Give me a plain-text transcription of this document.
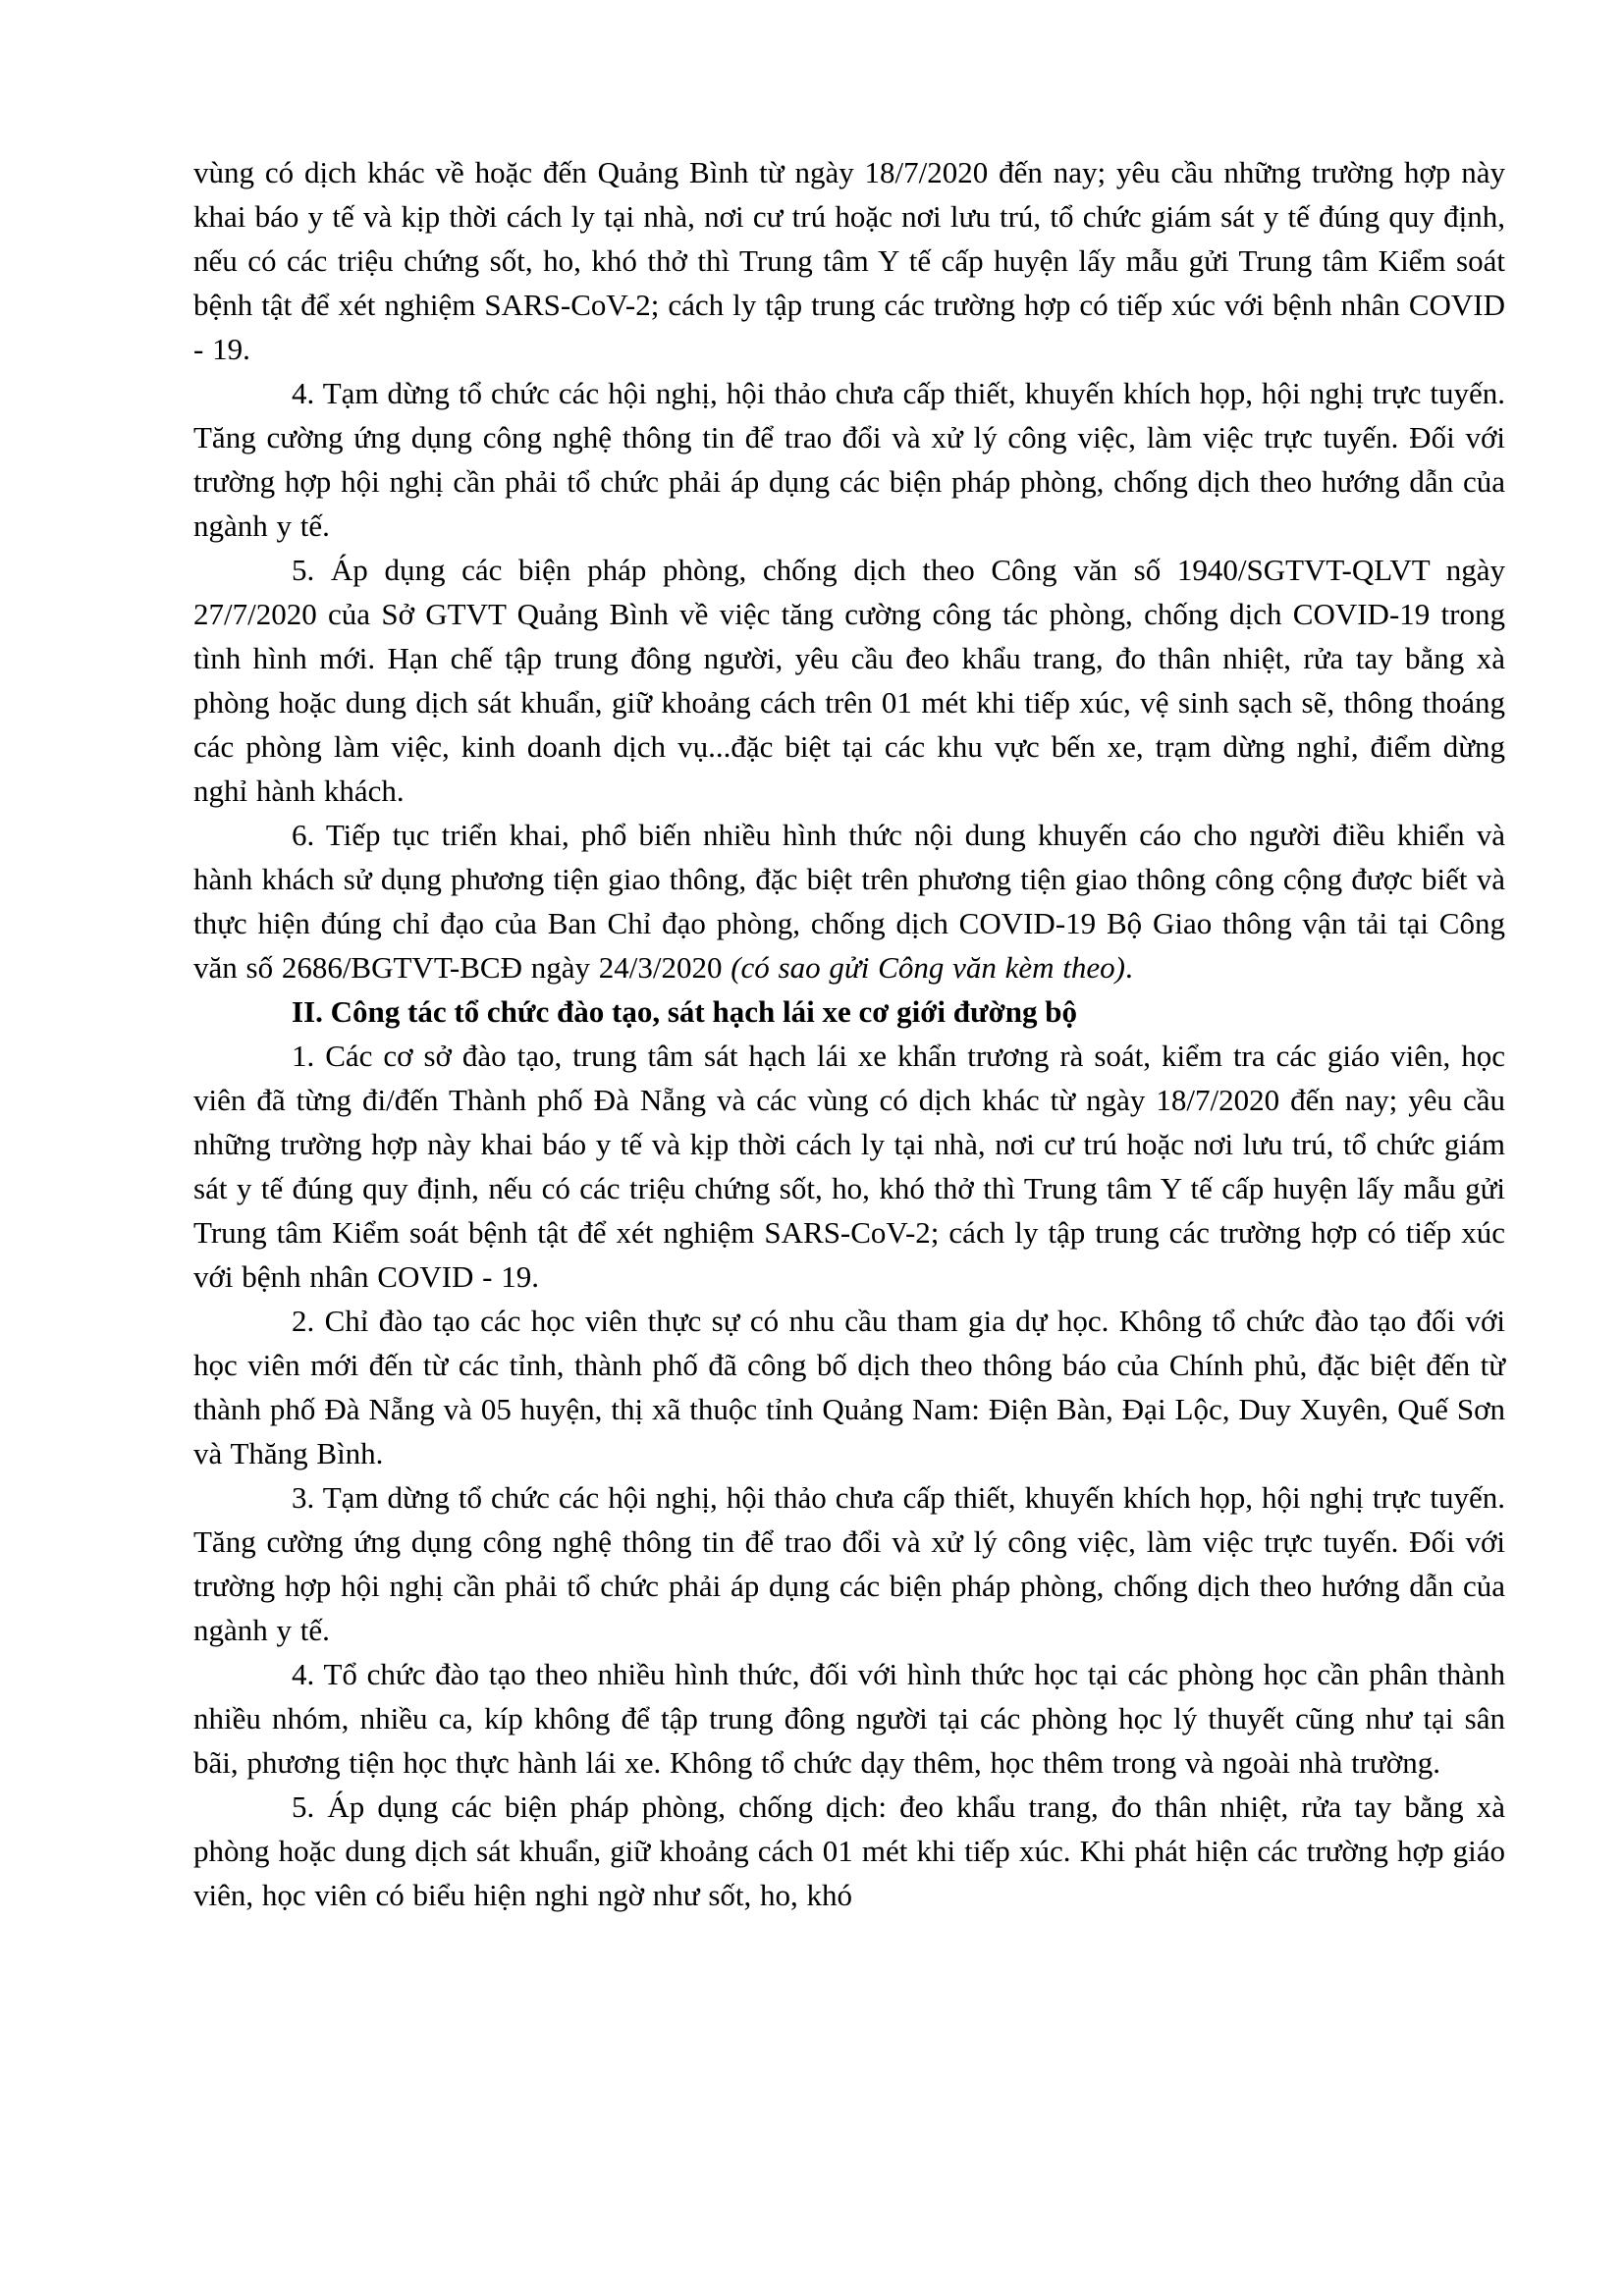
vùng có dịch khác về hoặc đến Quảng Bình từ ngày 18/7/2020 đến nay; yêu cầu những trường hợp này khai báo y tế và kịp thời cách ly tại nhà, nơi cư trú hoặc nơi lưu trú, tổ chức giám sát y tế đúng quy định, nếu có các triệu chứng sốt, ho, khó thở thì Trung tâm Y tế cấp huyện lấy mẫu gửi Trung tâm Kiểm soát bệnh tật để xét nghiệm SARS-CoV-2; cách ly tập trung các trường hợp có tiếp xúc với bệnh nhân COVID - 19.

4. Tạm dừng tổ chức các hội nghị, hội thảo chưa cấp thiết, khuyến khích họp, hội nghị trực tuyến. Tăng cường ứng dụng công nghệ thông tin để trao đổi và xử lý công việc, làm việc trực tuyến. Đối với trường hợp hội nghị cần phải tổ chức phải áp dụng các biện pháp phòng, chống dịch theo hướng dẫn của ngành y tế.

5. Áp dụng các biện pháp phòng, chống dịch theo Công văn số 1940/SGTVT-QLVT ngày 27/7/2020 của Sở GTVT Quảng Bình về việc tăng cường công tác phòng, chống dịch COVID-19 trong tình hình mới. Hạn chế tập trung đông người, yêu cầu đeo khẩu trang, đo thân nhiệt, rửa tay bằng xà phòng hoặc dung dịch sát khuẩn, giữ khoảng cách trên 01 mét khi tiếp xúc, vệ sinh sạch sẽ, thông thoáng các phòng làm việc, kinh doanh dịch vụ...đặc biệt tại các khu vực bến xe, trạm dừng nghỉ, điểm dừng nghỉ hành khách.

6. Tiếp tục triển khai, phổ biến nhiều hình thức nội dung khuyến cáo cho người điều khiển và hành khách sử dụng phương tiện giao thông, đặc biệt trên phương tiện giao thông công cộng được biết và thực hiện đúng chỉ đạo của Ban Chỉ đạo phòng, chống dịch COVID-19 Bộ Giao thông vận tải tại Công văn số 2686/BGTVT-BCĐ ngày 24/3/2020 (có sao gửi Công văn kèm theo).

II. Công tác tổ chức đào tạo, sát hạch lái xe cơ giới đường bộ

1. Các cơ sở đào tạo, trung tâm sát hạch lái xe khẩn trương rà soát, kiểm tra các giáo viên, học viên đã từng đi/đến Thành phố Đà Nẵng và các vùng có dịch khác từ ngày 18/7/2020 đến nay; yêu cầu những trường hợp này khai báo y tế và kịp thời cách ly tại nhà, nơi cư trú hoặc nơi lưu trú, tổ chức giám sát y tế đúng quy định, nếu có các triệu chứng sốt, ho, khó thở thì Trung tâm Y tế cấp huyện lấy mẫu gửi Trung tâm Kiểm soát bệnh tật để xét nghiệm SARS-CoV-2; cách ly tập trung các trường hợp có tiếp xúc với bệnh nhân COVID - 19.

2. Chỉ đào tạo các học viên thực sự có nhu cầu tham gia dự học. Không tổ chức đào tạo đối với học viên mới đến từ các tỉnh, thành phố đã công bố dịch theo thông báo của Chính phủ, đặc biệt đến từ thành phố Đà Nẵng và 05 huyện, thị xã thuộc tỉnh Quảng Nam: Điện Bàn, Đại Lộc, Duy Xuyên, Quế Sơn và Thăng Bình.

3. Tạm dừng tổ chức các hội nghị, hội thảo chưa cấp thiết, khuyến khích họp, hội nghị trực tuyến. Tăng cường ứng dụng công nghệ thông tin để trao đổi và xử lý công việc, làm việc trực tuyến. Đối với trường hợp hội nghị cần phải tổ chức phải áp dụng các biện pháp phòng, chống dịch theo hướng dẫn của ngành y tế.

4. Tổ chức đào tạo theo nhiều hình thức, đối với hình thức học tại các phòng học cần phân thành nhiều nhóm, nhiều ca, kíp không để tập trung đông người tại các phòng học lý thuyết cũng như tại sân bãi, phương tiện học thực hành lái xe. Không tổ chức dạy thêm, học thêm trong và ngoài nhà trường.

5. Áp dụng các biện pháp phòng, chống dịch: đeo khẩu trang, đo thân nhiệt, rửa tay bằng xà phòng hoặc dung dịch sát khuẩn, giữ khoảng cách 01 mét khi tiếp xúc. Khi phát hiện các trường hợp giáo viên, học viên có biểu hiện nghi ngờ như sốt, ho, khó
